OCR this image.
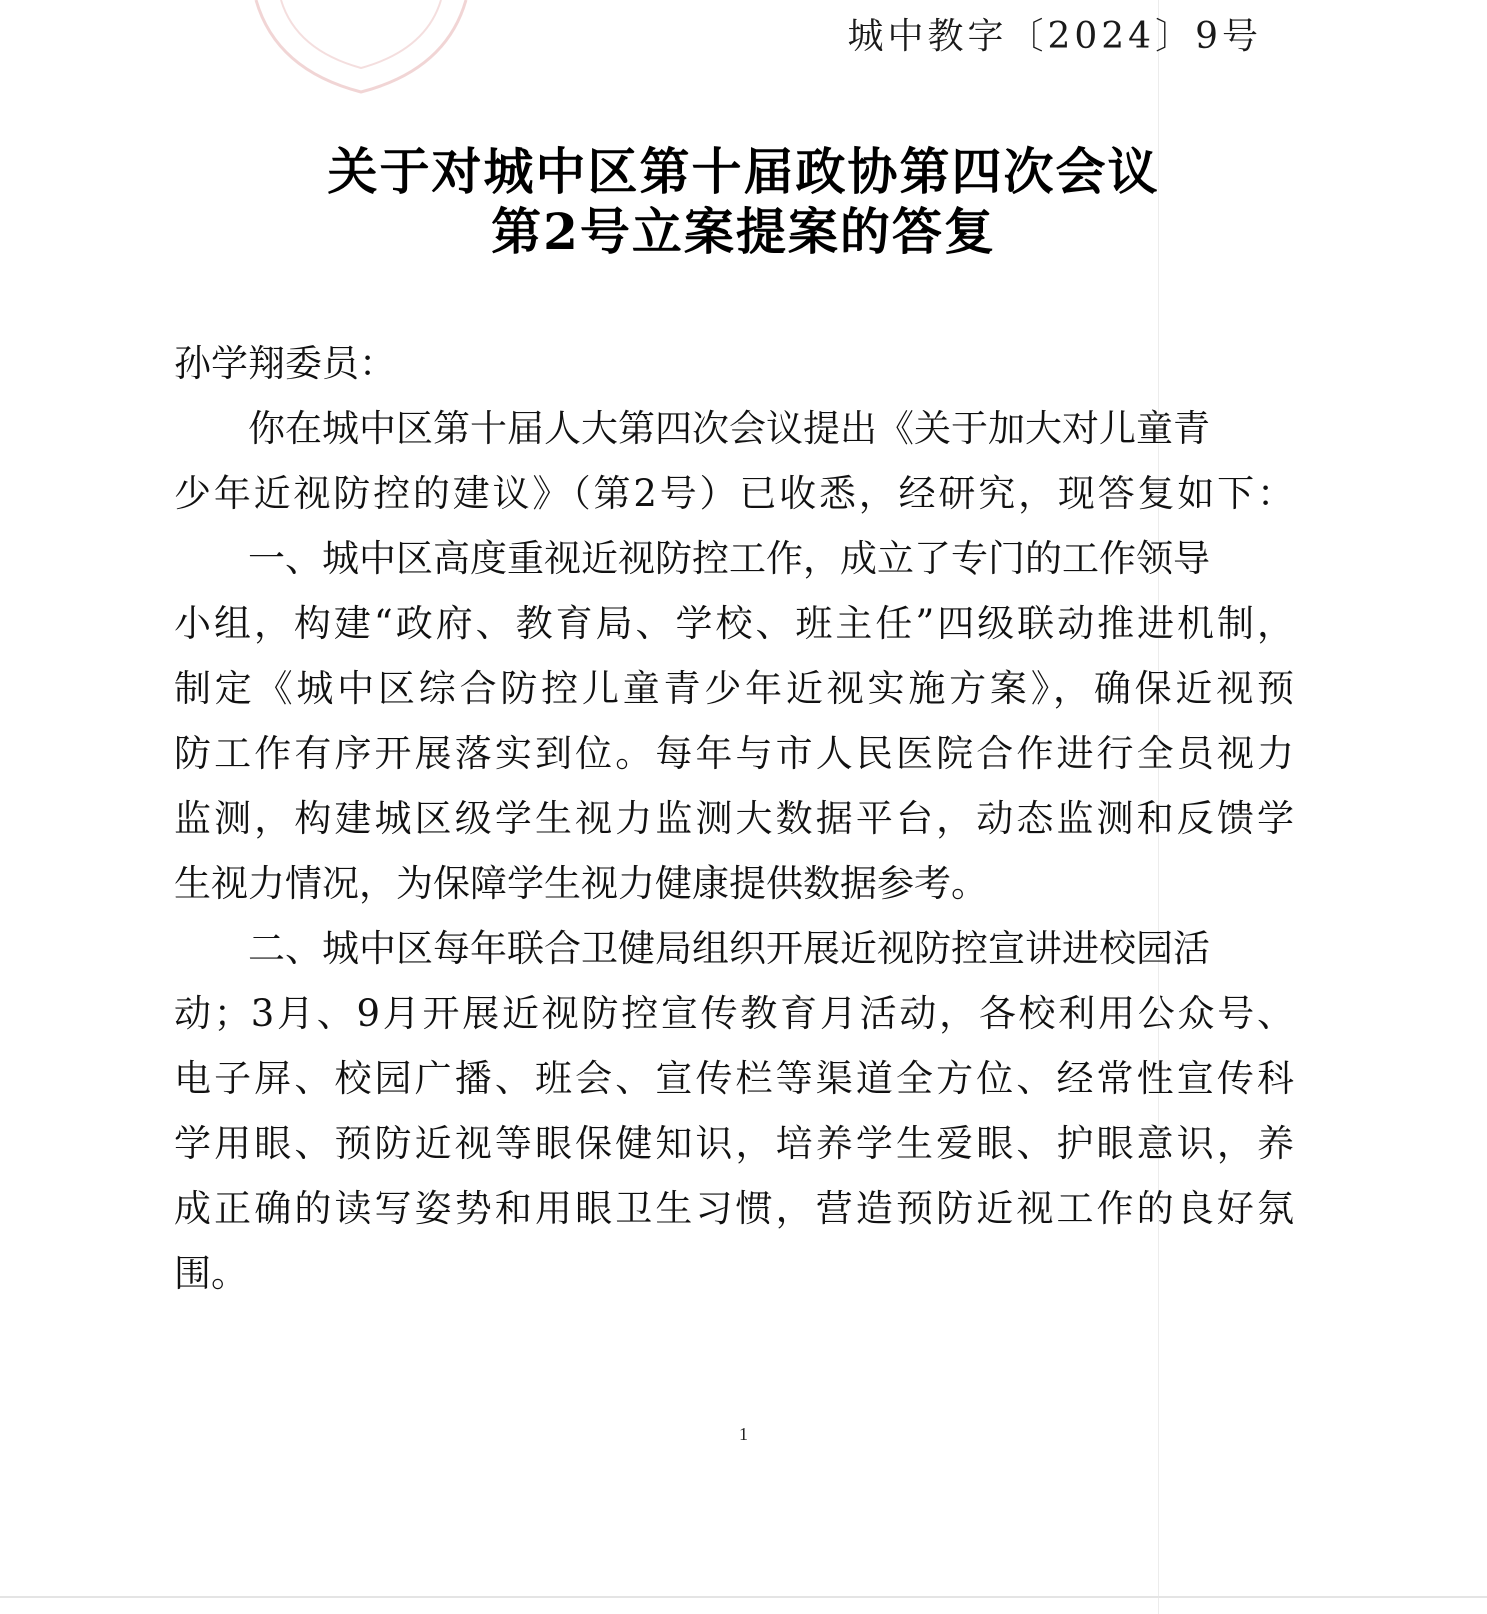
城中教字〔2024〕9号
关于对城中区第十届政协第四次会议
第2号立案提案的答复
孙学翔委员：
你在城中区第十届人大第四次会议提出《关于加大对儿童青
少年近视防控的建议》（第2号）已收悉，经研究，现答复如下：
一、城中区高度重视近视防控工作，成立了专门的工作领导
小组，构建“政府、教育局、学校、班主任”四级联动推进机制，
制定《城中区综合防控儿童青少年近视实施方案》，确保近视预
防工作有序开展落实到位。每年与市人民医院合作进行全员视力
监测，构建城区级学生视力监测大数据平台，动态监测和反馈学
生视力情况，为保障学生视力健康提供数据参考。
二、城中区每年联合卫健局组织开展近视防控宣讲进校园活
动；3月、9月开展近视防控宣传教育月活动，各校利用公众号、
电子屏、校园广播、班会、宣传栏等渠道全方位、经常性宣传科
学用眼、预防近视等眼保健知识，培养学生爱眼、护眼意识，养
成正确的读写姿势和用眼卫生习惯，营造预防近视工作的良好氛
围。
1
